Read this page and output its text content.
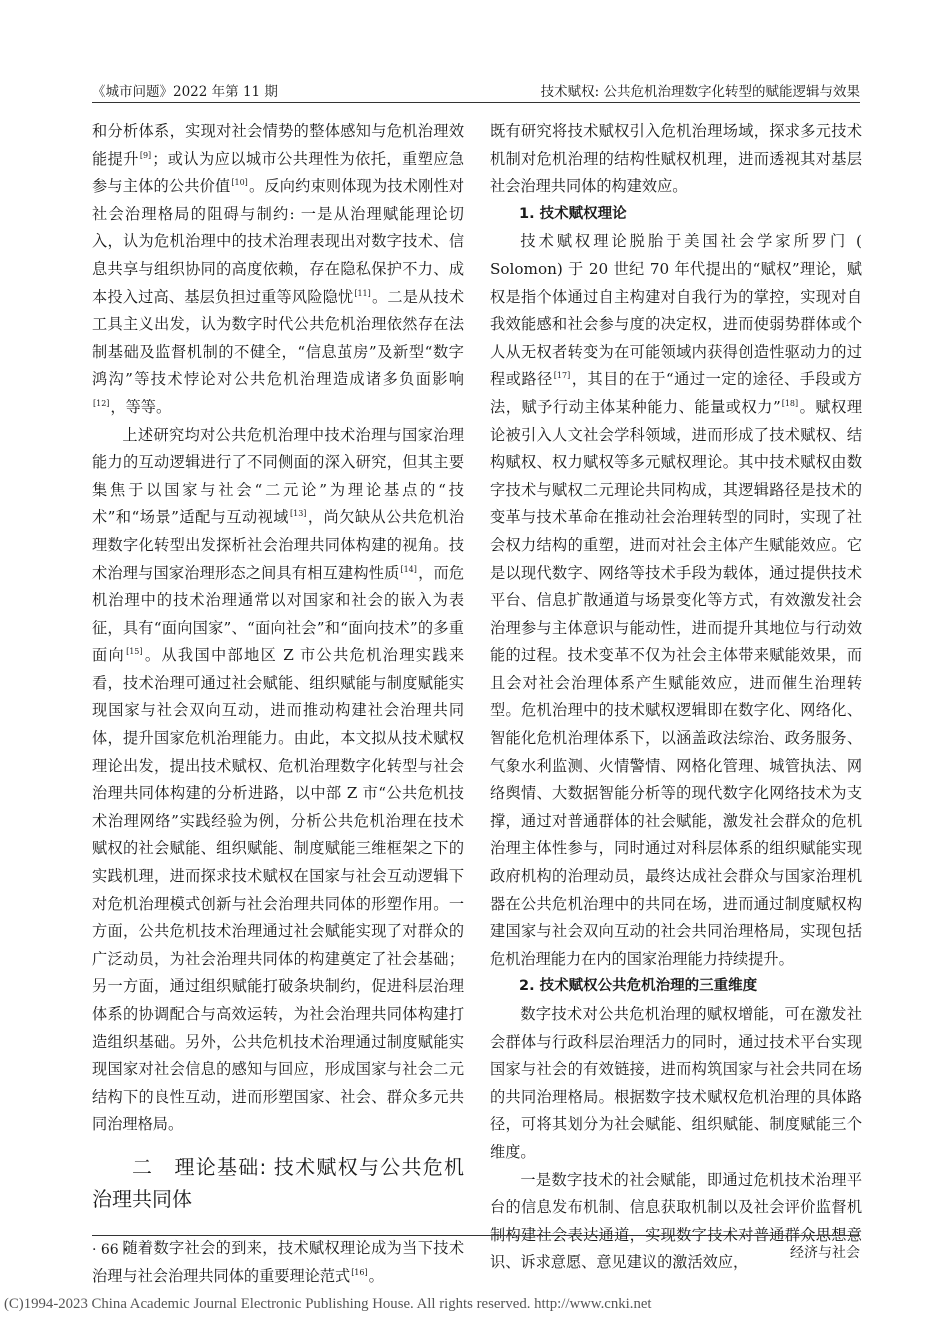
《城市问题》2022 年第 11 期	技术赋权: 公共危机治理数字化转型的赋能逻辑与效果

和分析体系，实现对社会情势的整体感知与危机治理效能提升[9]；或认为应以城市公共理性为依托，重塑应急参与主体的公共价值[10]。反向约束则体现为技术刚性对社会治理格局的阻碍与制约: 一是从治理赋能理论切入，认为危机治理中的技术治理表现出对数字技术、信息共享与组织协同的高度依赖，存在隐私保护不力、成本投入过高、基层负担过重等风险隐忧[11]。二是从技术工具主义出发，认为数字时代公共危机治理依然存在法制基础及监督机制的不健全，“信息茧房”及新型“数字鸿沟”等技术悖论对公共危机治理造成诸多负面影响[12]，等等。

上述研究均对公共危机治理中技术治理与国家治理能力的互动逻辑进行了不同侧面的深入研究，但其主要集焦于以国家与社会“二元论”为理论基点的“技术”和“场景”适配与互动视域[13]，尚欠缺从公共危机治理数字化转型出发探析社会治理共同体构建的视角。技术治理与国家治理形态之间具有相互建构性质[14]，而危机治理中的技术治理通常以对国家和社会的嵌入为表征，具有“面向国家”、“面向社会”和“面向技术”的多重面向[15]。从我国中部地区 Z 市公共危机治理实践来看，技术治理可通过社会赋能、组织赋能与制度赋能实现国家与社会双向互动，进而推动构建社会治理共同体，提升国家危机治理能力。由此，本文拟从技术赋权理论出发，提出技术赋权、危机治理数字化转型与社会治理共同体构建的分析进路，以中部 Z 市“公共危机技术治理网络”实践经验为例，分析公共危机治理在技术赋权的社会赋能、组织赋能、制度赋能三维框架之下的实践机理，进而探求技术赋权在国家与社会互动逻辑下对危机治理模式创新与社会治理共同体的形塑作用。一方面，公共危机技术治理通过社会赋能实现了对群众的广泛动员，为社会治理共同体的构建奠定了社会基础；另一方面，通过组织赋能打破条块制约，促进科层治理体系的协调配合与高效运转，为社会治理共同体构建打造组织基础。另外，公共危机技术治理通过制度赋能实现国家对社会信息的感知与回应，形成国家与社会二元结构下的良性互动，进而形塑国家、社会、群众多元共同治理格局。

二　理论基础: 技术赋权与公共危机治理共同体

随着数字社会的到来，技术赋权理论成为当下技术治理与社会治理共同体的重要理论范式[16]。

既有研究将技术赋权引入危机治理场域，探求多元技术机制对危机治理的结构性赋权机理，进而透视其对基层社会治理共同体的构建效应。

1. 技术赋权理论

技术赋权理论脱胎于美国社会学家所罗门 ( Solomon) 于 20 世纪 70 年代提出的“赋权”理论，赋权是指个体通过自主构建对自我行为的掌控，实现对自我效能感和社会参与度的决定权，进而使弱势群体或个人从无权者转变为在可能领域内获得创造性驱动力的过程或路径[17]，其目的在于“通过一定的途径、手段或方法，赋予行动主体某种能力、能量或权力”[18]。赋权理论被引入人文社会学科领域，进而形成了技术赋权、结构赋权、权力赋权等多元赋权理论。其中技术赋权由数字技术与赋权二元理论共同构成，其逻辑路径是技术的变革与技术革命在推动社会治理转型的同时，实现了社会权力结构的重塑，进而对社会主体产生赋能效应。它是以现代数字、网络等技术手段为载体，通过提供技术平台、信息扩散通道与场景变化等方式，有效激发社会治理参与主体意识与能动性，进而提升其地位与行动效能的过程。技术变革不仅为社会主体带来赋能效果，而且会对社会治理体系产生赋能效应，进而催生治理转型。危机治理中的技术赋权逻辑即在数字化、网络化、智能化危机治理体系下，以涵盖政法综治、政务服务、气象水利监测、火情警情、网格化管理、城管执法、网络舆情、大数据智能分析等的现代数字化网络技术为支撑，通过对普通群体的社会赋能，激发社会群众的危机治理主体性参与，同时通过对科层体系的组织赋能实现政府机构的治理动员，最终达成社会群众与国家治理机器在公共危机治理中的共同在场，进而通过制度赋权构建国家与社会双向互动的社会共同治理格局，实现包括危机治理能力在内的国家治理能力持续提升。

2. 技术赋权公共危机治理的三重维度

数字技术对公共危机治理的赋权增能，可在激发社会群体与行政科层治理活力的同时，通过技术平台实现国家与社会的有效链接，进而构筑国家与社会共同在场的共同治理格局。根据数字技术赋权危机治理的具体路径，可将其划分为社会赋能、组织赋能、制度赋能三个维度。

一是数字技术的社会赋能，即通过危机技术治理平台的信息发布机制、信息获取机制以及社会评价监督机制构建社会表达通道，实现数字技术对普通群众思想意识、诉求意愿、意见建议的激活效应，

· 66 ·	经济与社会
(C)1994-2023 China Academic Journal Electronic Publishing House. All rights reserved. http://www.cnki.net
